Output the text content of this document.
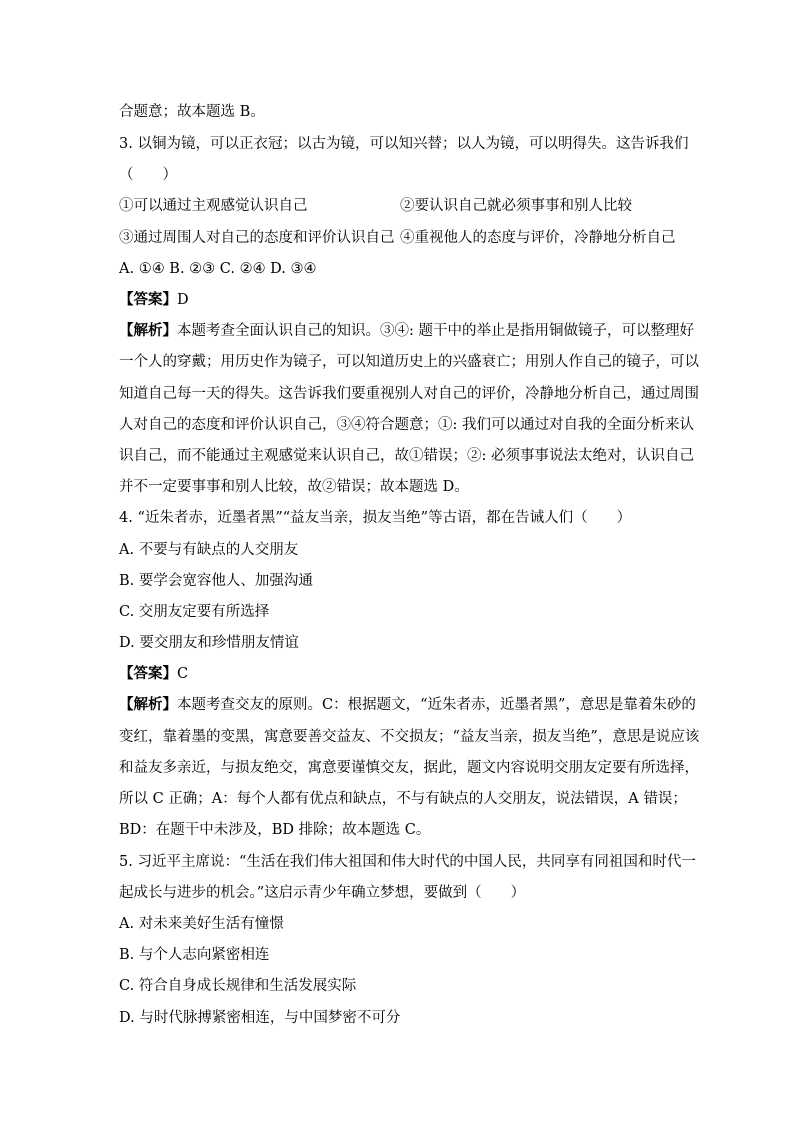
合题意；故本题选 B。
3. 以铜为镜，可以正衣冠；以古为镜，可以知兴替；以人为镜，可以明得失。这告诉我们
（　　）
①可以通过主观感觉认识自己	②要认识自己就必须事事和别人比较
③通过周围人对自己的态度和评价认识自己 ④重视他人的态度与评价，冷静地分析自己
A. ①④ B. ②③ C. ②④ D. ③④
【答案】D
【解析】本题考查全面认识自己的知识。③④: 题干中的举止是指用铜做镜子，可以整理好
一个人的穿戴；用历史作为镜子，可以知道历史上的兴盛衰亡；用别人作自己的镜子，可以
知道自己每一天的得失。这告诉我们要重视别人对自己的评价，冷静地分析自己，通过周围
人对自己的态度和评价认识自己，③④符合题意；①: 我们可以通过对自我的全面分析来认
识自己，而不能通过主观感觉来认识自己，故①错误；②: 必须事事说法太绝对，认识自己
并不一定要事事和别人比较，故②错误；故本题选 D。
4. “近朱者赤，近墨者黑”“益友当亲，损友当绝”等古语，都在告诫人们（　　）
A. 不要与有缺点的人交朋友
B. 要学会宽容他人、加强沟通
C. 交朋友定要有所选择
D. 要交朋友和珍惜朋友情谊
【答案】C
【解析】本题考查交友的原则。C：根据题文，“近朱者赤，近墨者黑”，意思是靠着朱砂的
变红，靠着墨的变黑，寓意要善交益友、不交损友；“益友当亲，损友当绝”，意思是说应该
和益友多亲近，与损友绝交，寓意要谨慎交友，据此，题文内容说明交朋友定要有所选择，
所以 C 正确；A：每个人都有优点和缺点，不与有缺点的人交朋友，说法错误，A 错误；
BD：在题干中未涉及，BD 排除；故本题选 C。
5. 习近平主席说：“生活在我们伟大祖国和伟大时代的中国人民，共同享有同祖国和时代一
起成长与进步的机会。”这启示青少年确立梦想，要做到（　　）
A. 对未来美好生活有憧憬
B. 与个人志向紧密相连
C. 符合自身成长规律和生活发展实际
D. 与时代脉搏紧密相连，与中国梦密不可分
